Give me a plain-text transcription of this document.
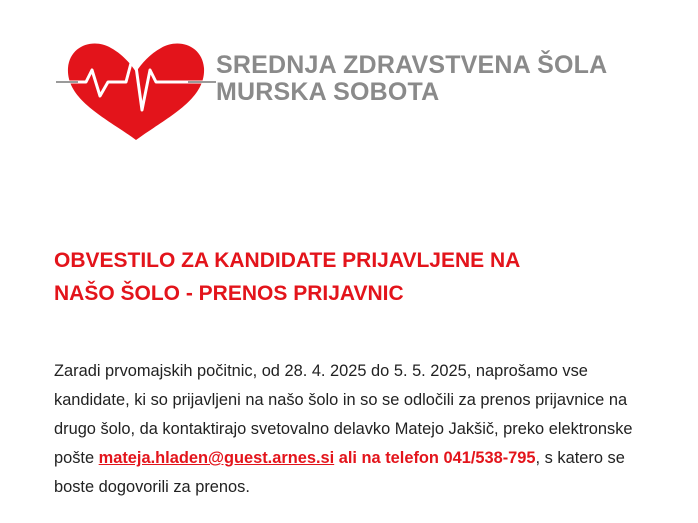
SREDNJA ZDRAVSTVENA ŠOLA
MURSKA SOBOTA
OBVESTILO ZA KANDIDATE PRIJAVLJENE NA
NAŠO ŠOLO - PRENOS PRIJAVNIC

Zaradi prvomajskih počitnic, od 28. 4. 2025 do 5. 5. 2025, naprošamo vse kandidate, ki so prijavljeni na našo šolo in so se odločili za prenos prijavnice na drugo šolo, da kontaktirajo svetovalno delavko Matejo Jakšič, preko elektronske pošte mateja.hladen@guest.arnes.si ali na telefon 041/538-795, s katero se boste dogovorili za prenos.
